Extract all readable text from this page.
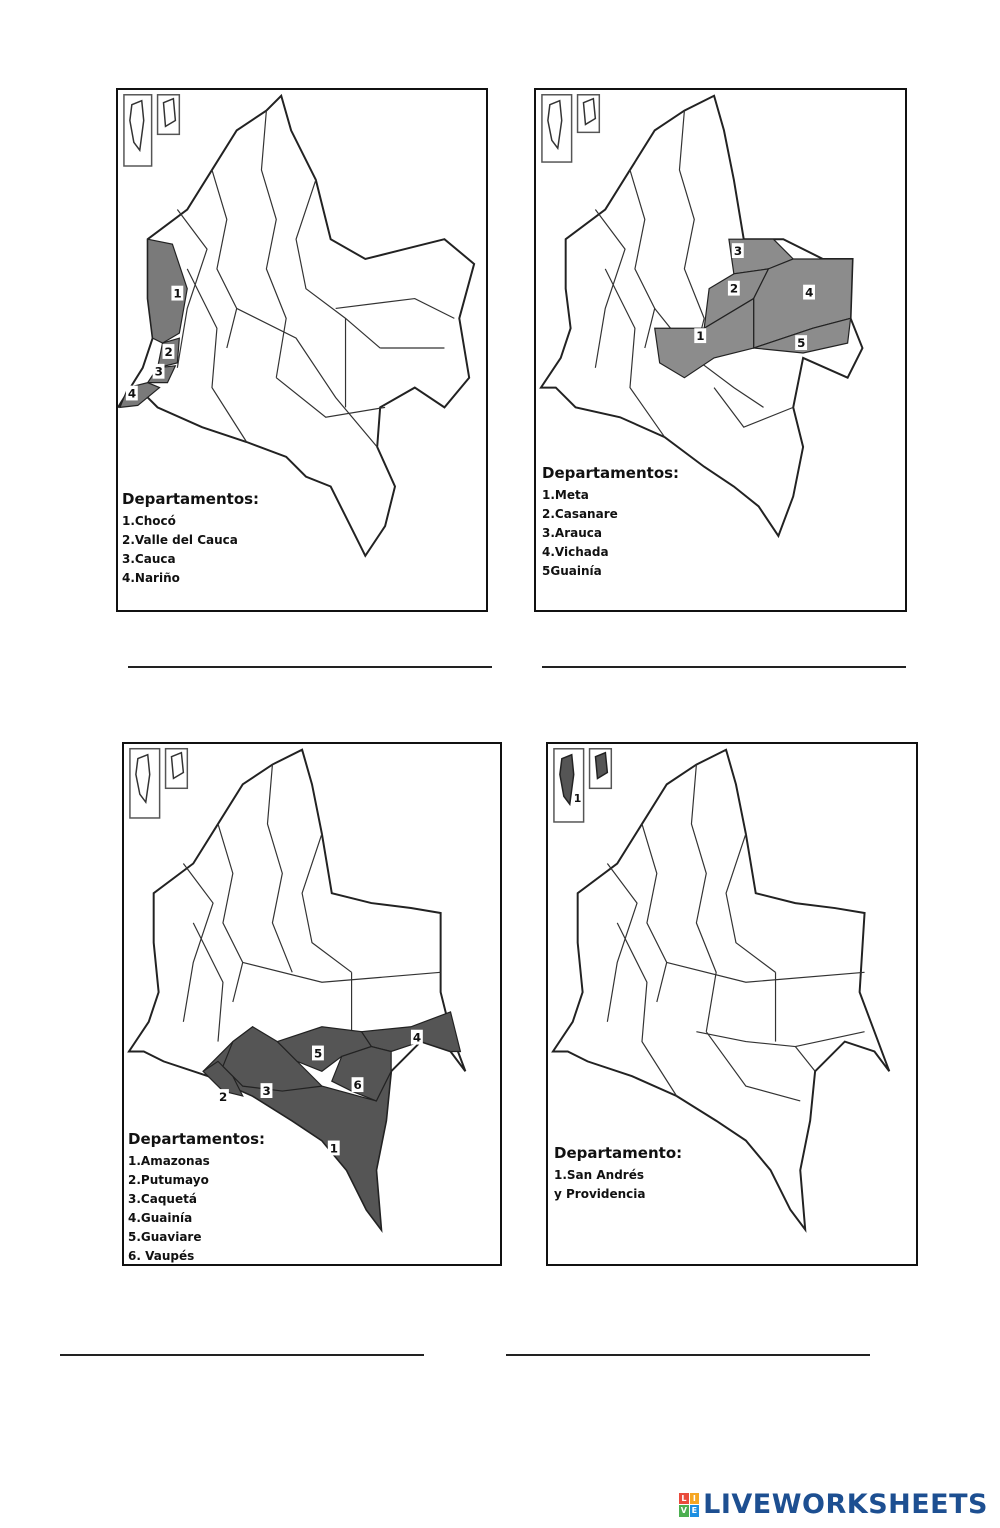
1
2
3
4
Departamentos:
1.Chocó
2.Valle del Cauca
3.Cauca
4.Nariño
1
2
3
4
5
Departamentos:
1.Meta
2.Casanare
3.Arauca
4.Vichada
5Guainía
1
2	3
4
5
6
Departamentos:
1.Amazonas
2.Putumayo
3.Caquetá
4.Guainía
5.Guaviare
6. Vaupés
1
Departamento:
1.San Andrés
y Providencia
L I
V E LIVEWORKSHEETS
